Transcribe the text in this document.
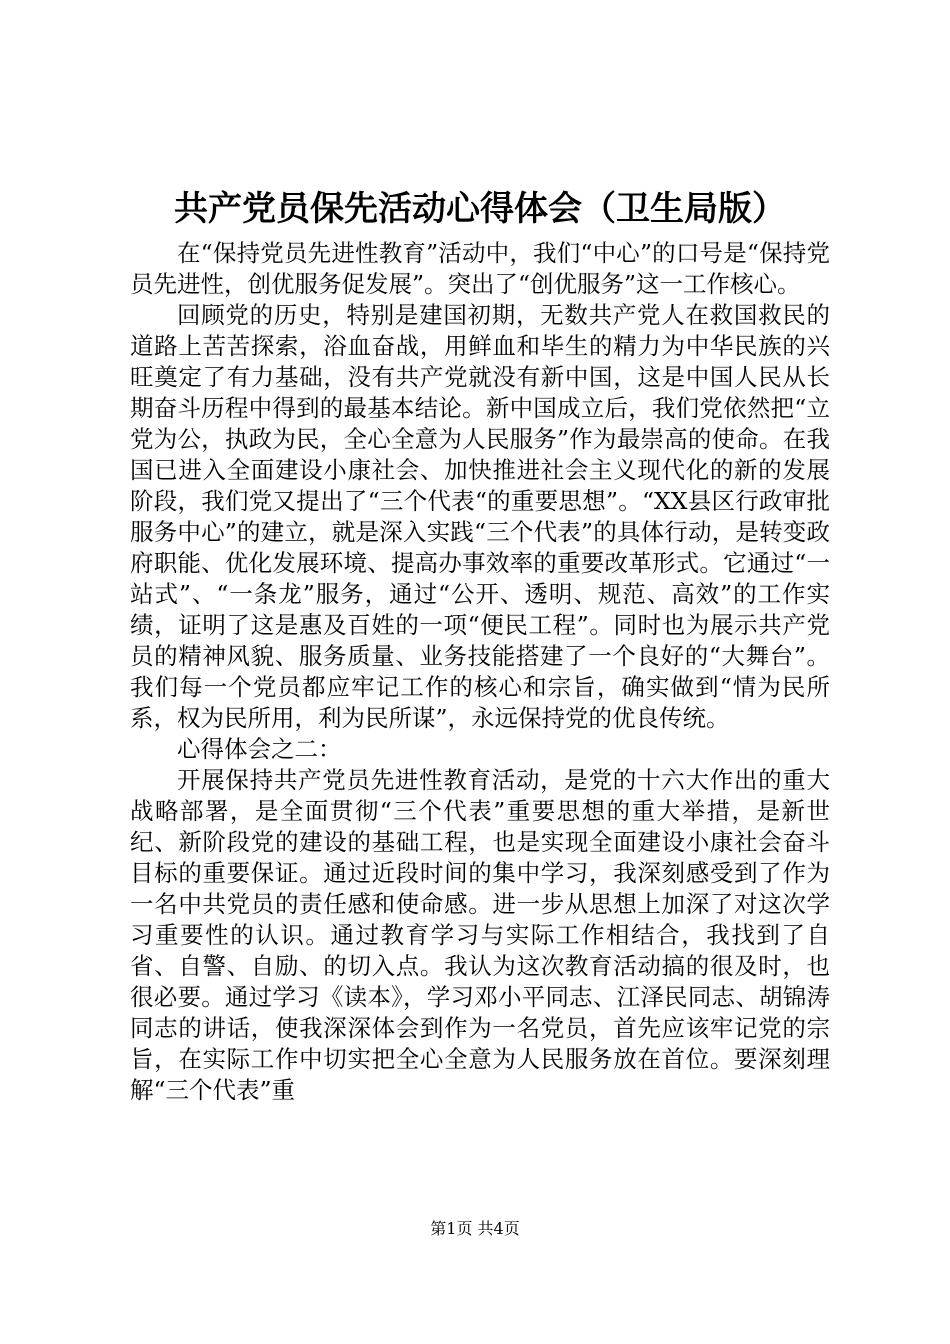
共产党员保先活动心得体会（卫生局版）

在“保持党员先进性教育”活动中，我们“中心”的口号是“保持党员先进性，创优服务促发展”。突出了“创优服务”这一工作核心。

回顾党的历史，特别是建国初期，无数共产党人在救国救民的道路上苦苦探索，浴血奋战，用鲜血和毕生的精力为中华民族的兴旺奠定了有力基础，没有共产党就没有新中国，这是中国人民从长期奋斗历程中得到的最基本结论。新中国成立后，我们党依然把“立党为公，执政为民，全心全意为人民服务”作为最崇高的使命。在我国已进入全面建设小康社会、加快推进社会主义现代化的新的发展阶段，我们党又提出了“三个代表“的重要思想”。“XX县区行政审批服务中心”的建立，就是深入实践“三个代表”的具体行动，是转变政府职能、优化发展环境、提高办事效率的重要改革形式。它通过“一站式”、“一条龙”服务，通过“公开、透明、规范、高效”的工作实绩，证明了这是惠及百姓的一项“便民工程”。同时也为展示共产党员的精神风貌、服务质量、业务技能搭建了一个良好的“大舞台”。我们每一个党员都应牢记工作的核心和宗旨，确实做到“情为民所系，权为民所用，利为民所谋”，永远保持党的优良传统。

心得体会之二：

开展保持共产党员先进性教育活动，是党的十六大作出的重大战略部署，是全面贯彻“三个代表”重要思想的重大举措，是新世纪、新阶段党的建设的基础工程，也是实现全面建设小康社会奋斗目标的重要保证。通过近段时间的集中学习，我深刻感受到了作为一名中共党员的责任感和使命感。进一步从思想上加深了对这次学习重要性的认识。通过教育学习与实际工作相结合，我找到了自省、自警、自励、的切入点。我认为这次教育活动搞的很及时，也很必要。通过学习《读本》，学习邓小平同志、江泽民同志、胡锦涛同志的讲话，使我深深体会到作为一名党员，首先应该牢记党的宗旨，在实际工作中切实把全心全意为人民服务放在首位。要深刻理解“三个代表”重

第1页 共4页
